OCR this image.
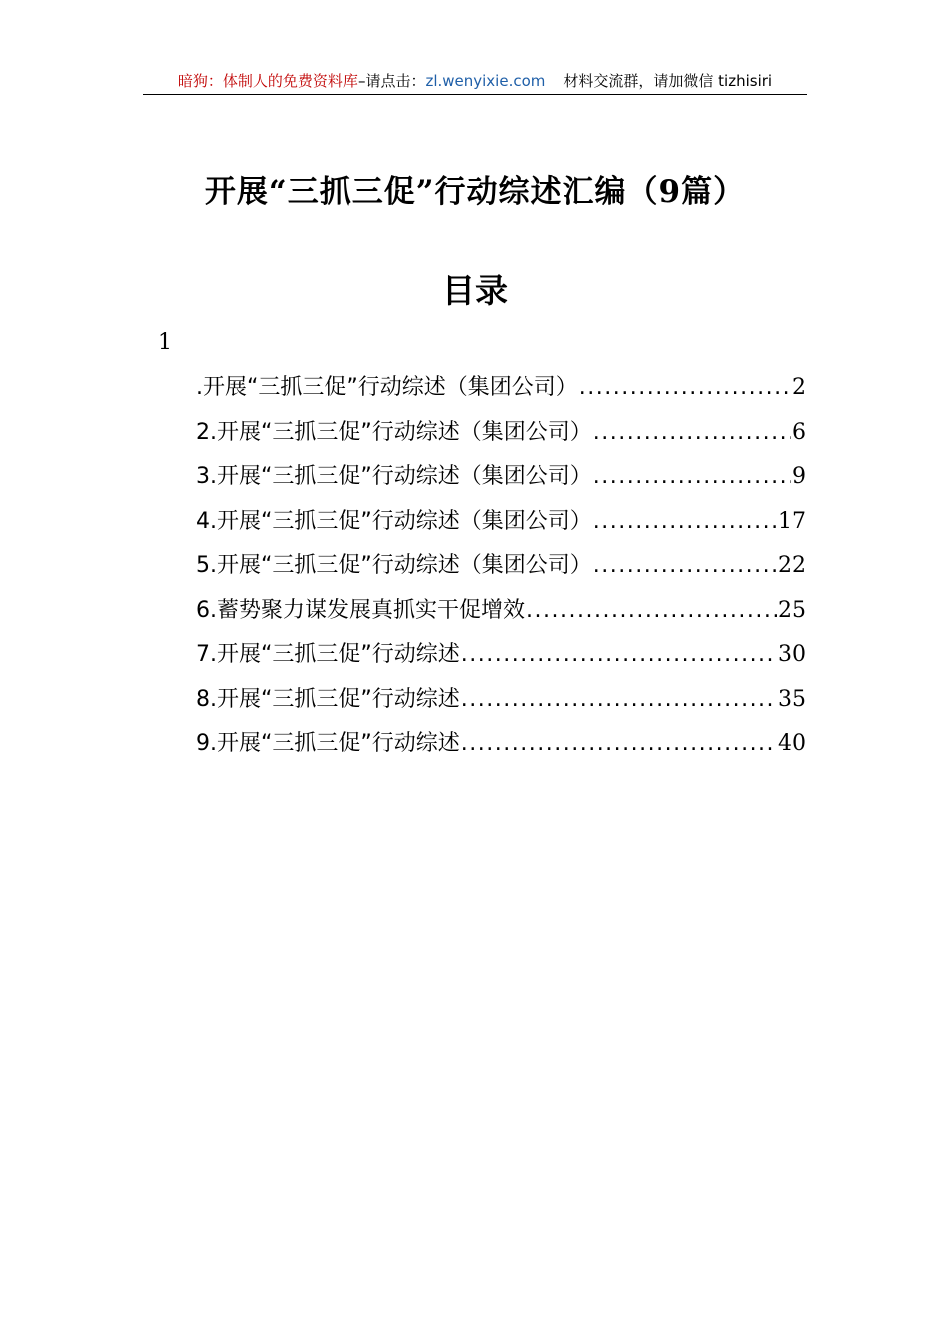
暗狗：体制人的免费资料库–请点击：zl.wenyixie.com 材料交流群，请加微信 tizhisiri
开展“三抓三促”行动综述汇编（9篇）
目录
1
.开展“三抓三促”行动综述（集团公司） .....	2
2. 开展“三抓三促”行动综述（集团公司） .....	6
3. 开展“三抓三促”行动综述（集团公司） .....	9
4. 开展“三抓三促”行动综述（集团公司） .....	17
5. 开展“三抓三促”行动综述（集团公司） .....	22
6. 蓄势聚力谋发展真抓实干促增效 .....	25
7. 开展“三抓三促”行动综述 .....	30
8. 开展“三抓三促”行动综述 .....	35
9. 开展“三抓三促”行动综述 .....	40
